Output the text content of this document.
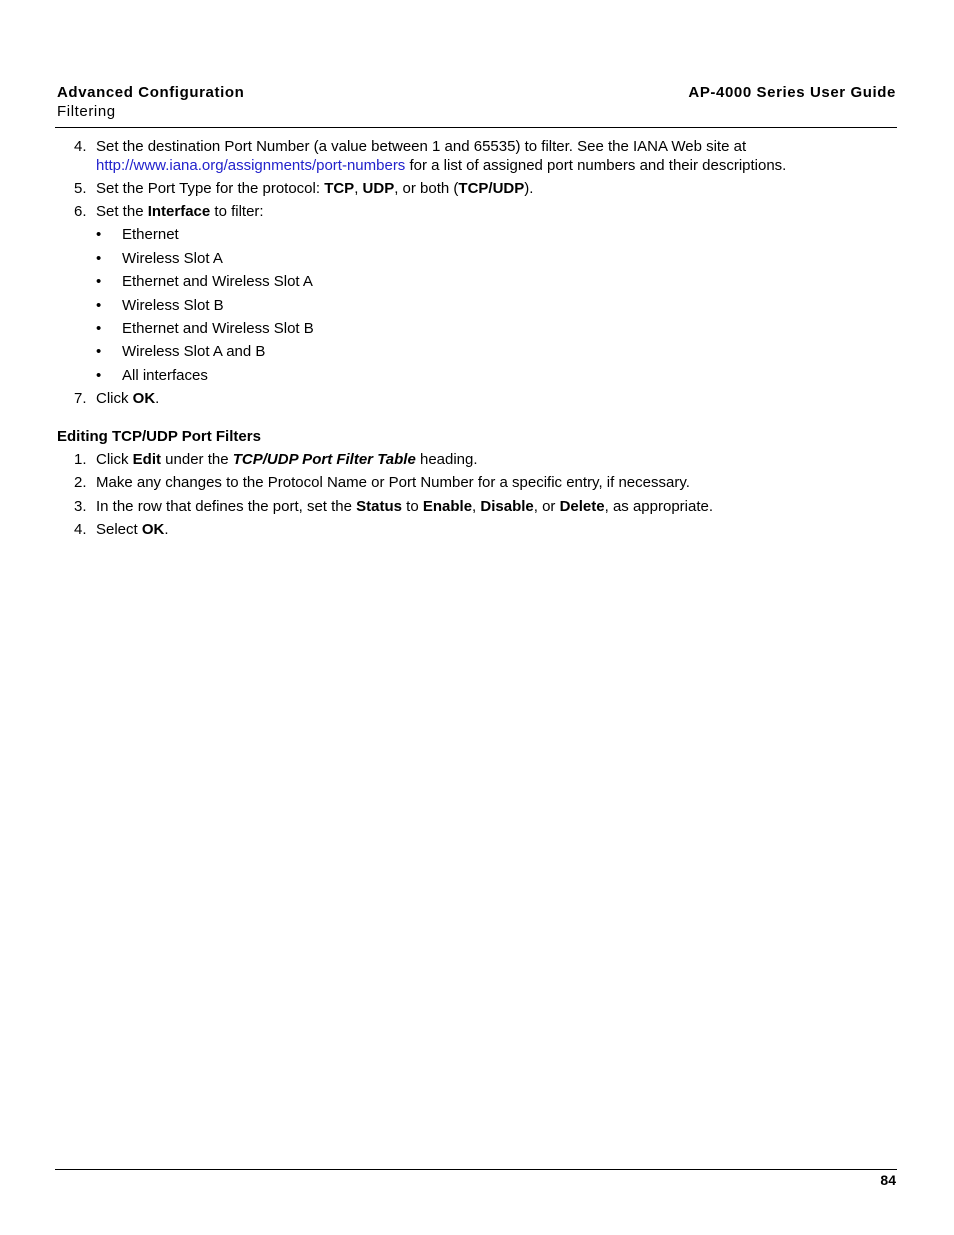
Advanced Configuration
Filtering
AP-4000 Series User Guide
4. Set the destination Port Number (a value between 1 and 65535) to filter. See the IANA Web site at
http://www.iana.org/assignments/port-numbers for a list of assigned port numbers and their descriptions.
5. Set the Port Type for the protocol: TCP, UDP, or both (TCP/UDP).
6. Set the Interface to filter:
• Ethernet
• Wireless Slot A
• Ethernet and Wireless Slot A
• Wireless Slot B
• Ethernet and Wireless Slot B
• Wireless Slot A and B
• All interfaces
7. Click OK.
Editing TCP/UDP Port Filters
1. Click Edit under the TCP/UDP Port Filter Table heading.
2. Make any changes to the Protocol Name or Port Number for a specific entry, if necessary.
3. In the row that defines the port, set the Status to Enable, Disable, or Delete, as appropriate.
4. Select OK.
84
